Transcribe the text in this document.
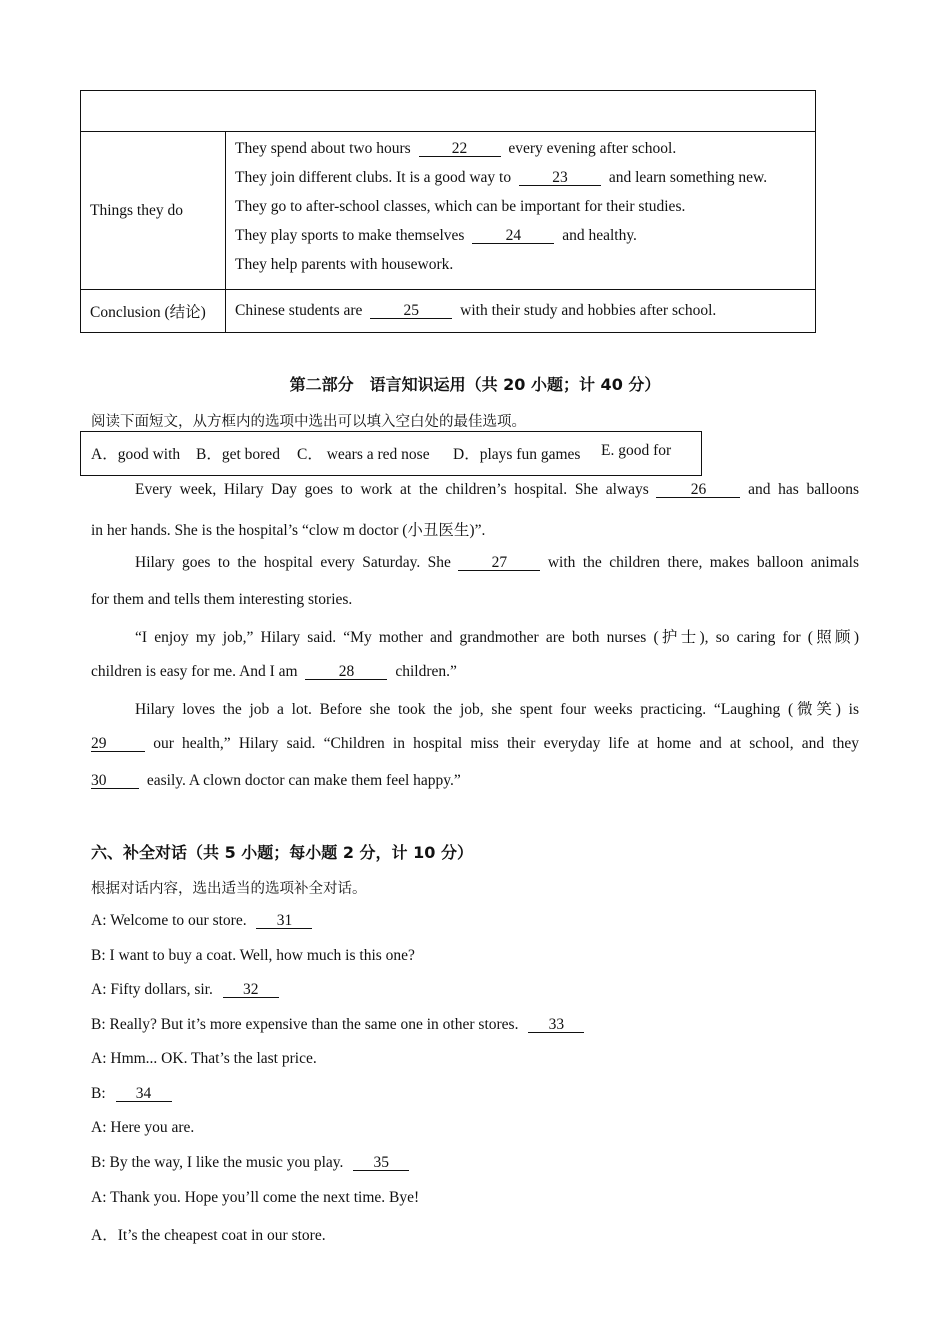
Things they do	They spend about two hours 22 every evening after school.
They join different clubs. It is a good way to 23 and learn something new.
They go to after-school classes, which can be important for their studies.
They play sports to make themselves 24 and healthy.
They help parents with housework.

Conclusion (结论)	Chinese students are 25 with their study and hobbies after school.
第二部分　语言知识运用（共 20 小题；计 40 分）
阅读下面短文，从方框内的选项中选出可以填入空白处的最佳选项。
A．good with B．get bored C． wears a red nose D．plays fun games E. good for
Every week, Hilary Day goes to work at the children’s hospital. She always	26	and has balloons
in her hands. She is the hospital’s “clow m doctor (小丑医生)”.
Hilary goes to the hospital every Saturday. She	27	with the children there, makes balloon animals
for them and tells them interesting stories.
“I enjoy my job,” Hilary said. “My mother and grandmother are both nurses (护士), so caring for (照顾)
children is easy for me. And I am	28	children.”
Hilary loves the job a lot. Before she took the job, she spent four weeks practicing. “Laughing (微笑) is
29	our health,” Hilary said. “Children in hospital miss their everyday life at home and at school, and they
30	easily. A clown doctor can make them feel happy.”
六、补全对话（共 5 小题；每小题 2 分，计 10 分）
根据对话内容，选出适当的选项补全对话。
A: Welcome to our store. 31
B: I want to buy a coat. Well, how much is this one?
A: Fifty dollars, sir. 32
B: Really? But it’s more expensive than the same one in other stores. 33
A: Hmm... OK. That’s the last price.
B: 34
A: Here you are.
B: By the way, I like the music you play. 35
A: Thank you. Hope you’ll come the next time. Bye!
A．It’s the cheapest coat in our store.
